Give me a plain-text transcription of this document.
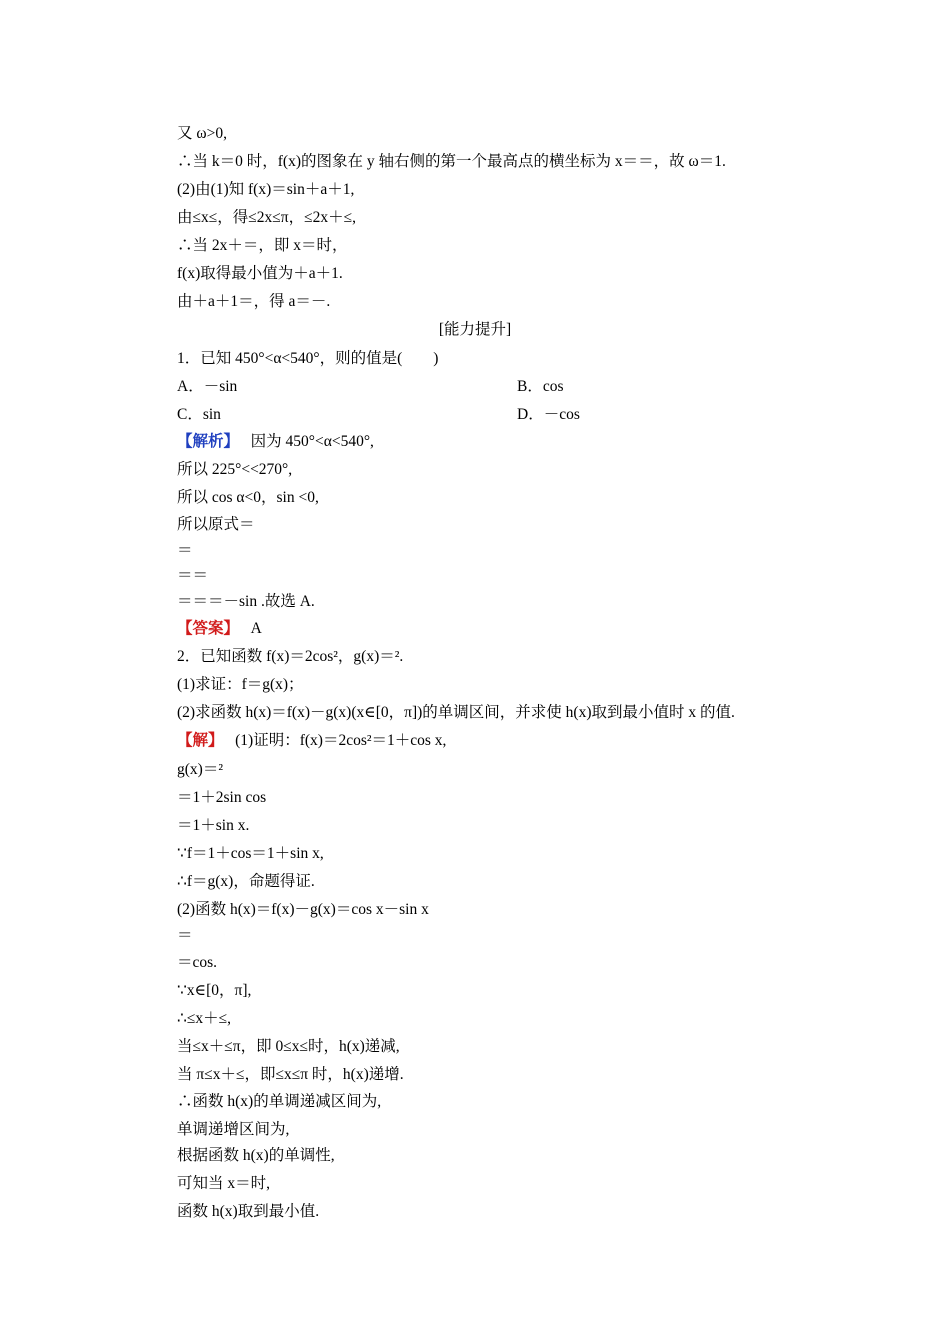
又 ω>0,
∴当 k＝0 时，f(x)的图象在 y 轴右侧的第一个最高点的横坐标为 x＝＝，故 ω＝1.
(2)由(1)知 f(x)＝sin＋a＋1,
由≤x≤，得≤2x≤π，≤2x＋≤,
∴当 2x＋＝，即 x＝时，
f(x)取得最小值为＋a＋1.
由＋a＋1＝，得 a＝－.
[能力提升]
1．已知 450°<α<540°，则的值是(　　)
A．－sin	B．cos
C．sin	D．－cos
【解析】 因为 450°<α<540°,
所以 225°<<270°,
所以 cos α<0，sin <0,
所以原式＝
＝
＝＝
＝＝＝－sin .故选 A.
【答案】 A
2．已知函数 f(x)＝2cos²，g(x)＝².
(1)求证：f＝g(x)；
(2)求函数 h(x)＝f(x)－g(x)(x∈[0，π])的单调区间，并求使 h(x)取到最小值时 x 的值.
【解】 (1)证明：f(x)＝2cos²＝1＋cos x,
g(x)＝²
＝1＋2sin cos
＝1＋sin x.
∵f＝1＋cos＝1＋sin x,
∴f＝g(x)，命题得证.
(2)函数 h(x)＝f(x)－g(x)＝cos x－sin x
＝
＝cos.
∵x∈[0，π],
∴≤x＋≤,
当≤x＋≤π，即 0≤x≤时，h(x)递减,
当 π≤x＋≤，即≤x≤π 时，h(x)递增.
∴函数 h(x)的单调递减区间为,
单调递增区间为,
根据函数 h(x)的单调性,
可知当 x＝时,
函数 h(x)取到最小值.
